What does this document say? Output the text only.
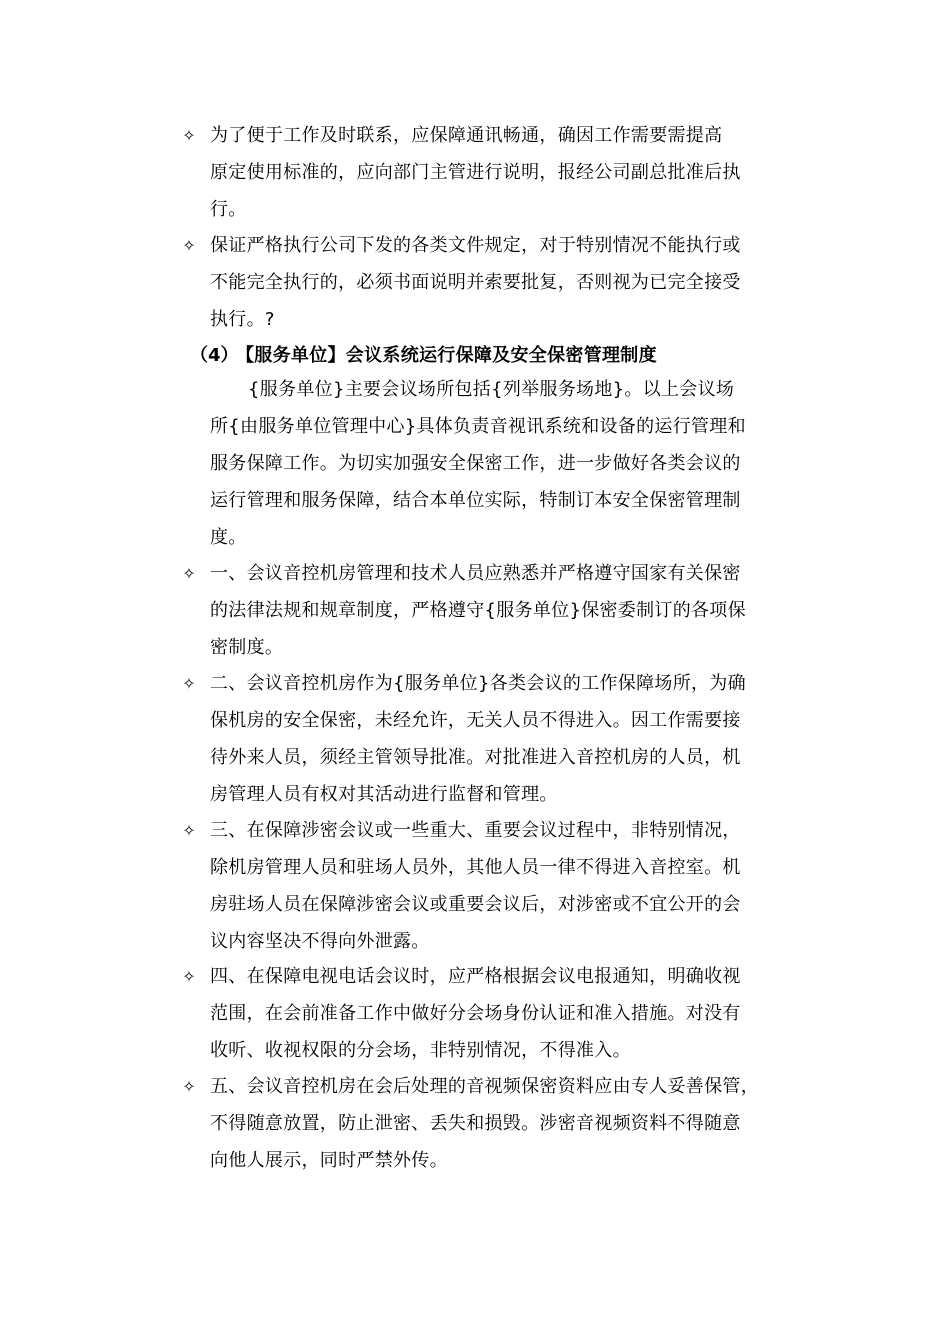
✧ 为了便于工作及时联系，应保障通讯畅通，确因工作需要需提高
原定使用标准的，应向部门主管进行说明，报经公司副总批准后执
行。
✧ 保证严格执行公司下发的各类文件规定，对于特别情况不能执行或
不能完全执行的，必须书面说明并索要批复，否则视为已完全接受
执行。?
（4）
【服务单位】会议系统运行保障及安全保密管理制度
{服务单位}主要会议场所包括{列举服务场地}。以上会议场
所{由服务单位管理中心}具体负责音视讯系统和设备的运行管理和
服务保障工作。为切实加强安全保密工作，进一步做好各类会议的
运行管理和服务保障，结合本单位实际，特制订本安全保密管理制
度。
✧ 一、会议音控机房管理和技术人员应熟悉并严格遵守国家有关保密
的法律法规和规章制度，严格遵守{服务单位}保密委制订的各项保
密制度。
✧ 二、会议音控机房作为{服务单位}各类会议的工作保障场所，为确
保机房的安全保密，未经允许，无关人员不得进入。因工作需要接
待外来人员，须经主管领导批准。对批准进入音控机房的人员，机
房管理人员有权对其活动进行监督和管理。
✧ 三、在保障涉密会议或一些重大、重要会议过程中，非特别情况，
除机房管理人员和驻场人员外，其他人员一律不得进入音控室。机
房驻场人员在保障涉密会议或重要会议后，对涉密或不宜公开的会
议内容坚决不得向外泄露。
✧ 四、在保障电视电话会议时，应严格根据会议电报通知，明确收视
范围，在会前准备工作中做好分会场身份认证和准入措施。对没有
收听、收视权限的分会场，非特别情况，不得准入。
✧ 五、会议音控机房在会后处理的音视频保密资料应由专人妥善保管，
不得随意放置，防止泄密、丢失和损毁。涉密音视频资料不得随意
向他人展示，同时严禁外传。
